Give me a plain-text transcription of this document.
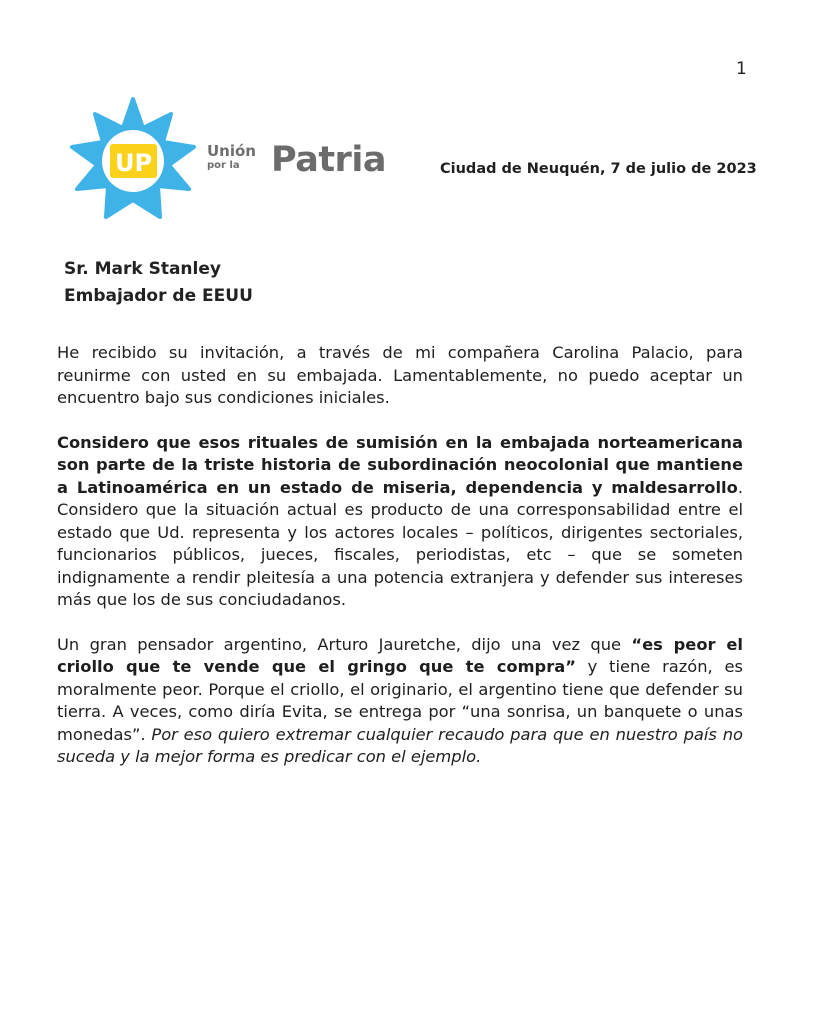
1
UP	Unión
por la Patria	Ciudad de Neuquén, 7 de julio de 2023
Sr. Mark Stanley
Embajador de EEUU

He recibido su invitación, a través de mi compañera Carolina Palacio, para reunirme con usted en su embajada. Lamentablemente, no puedo aceptar un encuentro bajo sus condiciones iniciales.

Considero que esos rituales de sumisión en la embajada norteamericana son parte de la triste historia de subordinación neocolonial que mantiene a Latinoamérica en un estado de miseria, dependencia y maldesarrollo. Considero que la situación actual es producto de una corresponsabilidad entre el estado que Ud. representa y los actores locales – políticos, dirigentes sectoriales, funcionarios públicos, jueces, fiscales, periodistas, etc – que se someten indignamente a rendir pleitesía a una potencia extranjera y defender sus intereses más que los de sus conciudadanos.

Un gran pensador argentino, Arturo Jauretche, dijo una vez que “es peor el criollo que te vende que el gringo que te compra” y tiene razón, es moralmente peor. Porque el criollo, el originario, el argentino tiene que defender su tierra. A veces, como diría Evita, se entrega por “una sonrisa, un banquete o unas monedas”. Por eso quiero extremar cualquier recaudo para que en nuestro país no suceda y la mejor forma es predicar con el ejemplo.
